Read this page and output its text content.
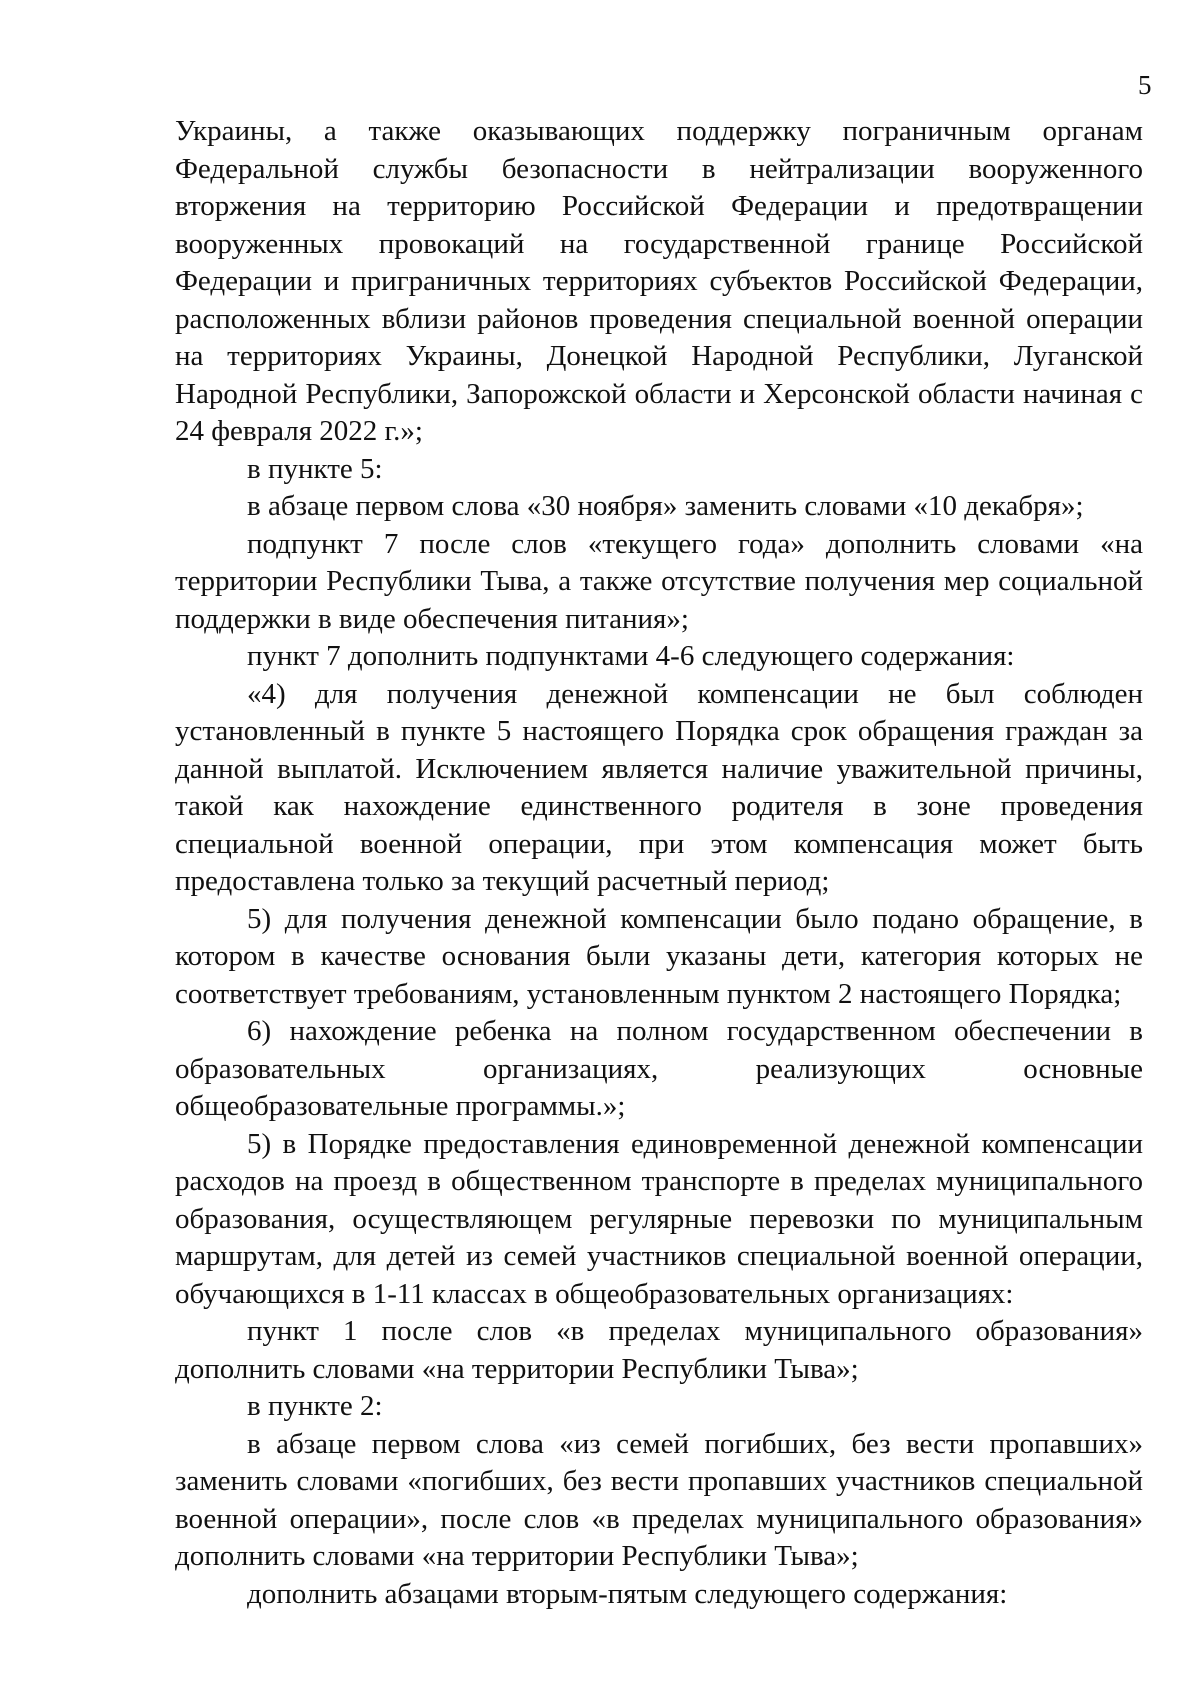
5

Украины, а также оказывающих поддержку пограничным органам Федеральной службы безопасности в нейтрализации вооруженного вторжения на территорию Российской Федерации и предотвращении вооруженных провокаций на государственной границе Российской Федерации и приграничных территориях субъектов Российской Федерации, расположенных вблизи районов проведения специальной военной операции на территориях Украины, Донецкой Народной Республики, Луганской Народной Республики, Запорожской области и Херсонской области начиная с 24 февраля 2022 г.»;

в пункте 5:

в абзаце первом слова «30 ноября» заменить словами «10 декабря»;

подпункт 7 после слов «текущего года» дополнить словами «на территории Республики Тыва, а также отсутствие получения мер социальной поддержки в виде обеспечения питания»;

пункт 7 дополнить подпунктами 4-6 следующего содержания:

«4) для получения денежной компенсации не был соблюден установленный в пункте 5 настоящего Порядка срок обращения граждан за данной выплатой. Исключением является наличие уважительной причины, такой как нахождение единственного родителя в зоне проведения специальной военной операции, при этом компенсация может быть предоставлена только за текущий расчетный период;

5) для получения денежной компенсации было подано обращение, в котором в качестве основания были указаны дети, категория которых не соответствует требованиям, установленным пунктом 2 настоящего Порядка;

6) нахождение ребенка на полном государственном обеспечении в образовательных организациях, реализующих основные общеобразовательные программы.»;

5) в Порядке предоставления единовременной денежной компенсации расходов на проезд в общественном транспорте в пределах муниципального образования, осуществляющем регулярные перевозки по муниципальным маршрутам, для детей из семей участников специальной военной операции, обучающихся в 1-11 классах в общеобразовательных организациях:

пункт 1 после слов «в пределах муниципального образования» дополнить словами «на территории Республики Тыва»;

в пункте 2:

в абзаце первом слова «из семей погибших, без вести пропавших» заменить словами «погибших, без вести пропавших участников специальной военной операции», после слов «в пределах муниципального образования» дополнить словами «на территории Республики Тыва»;

дополнить абзацами вторым-пятым следующего содержания:
